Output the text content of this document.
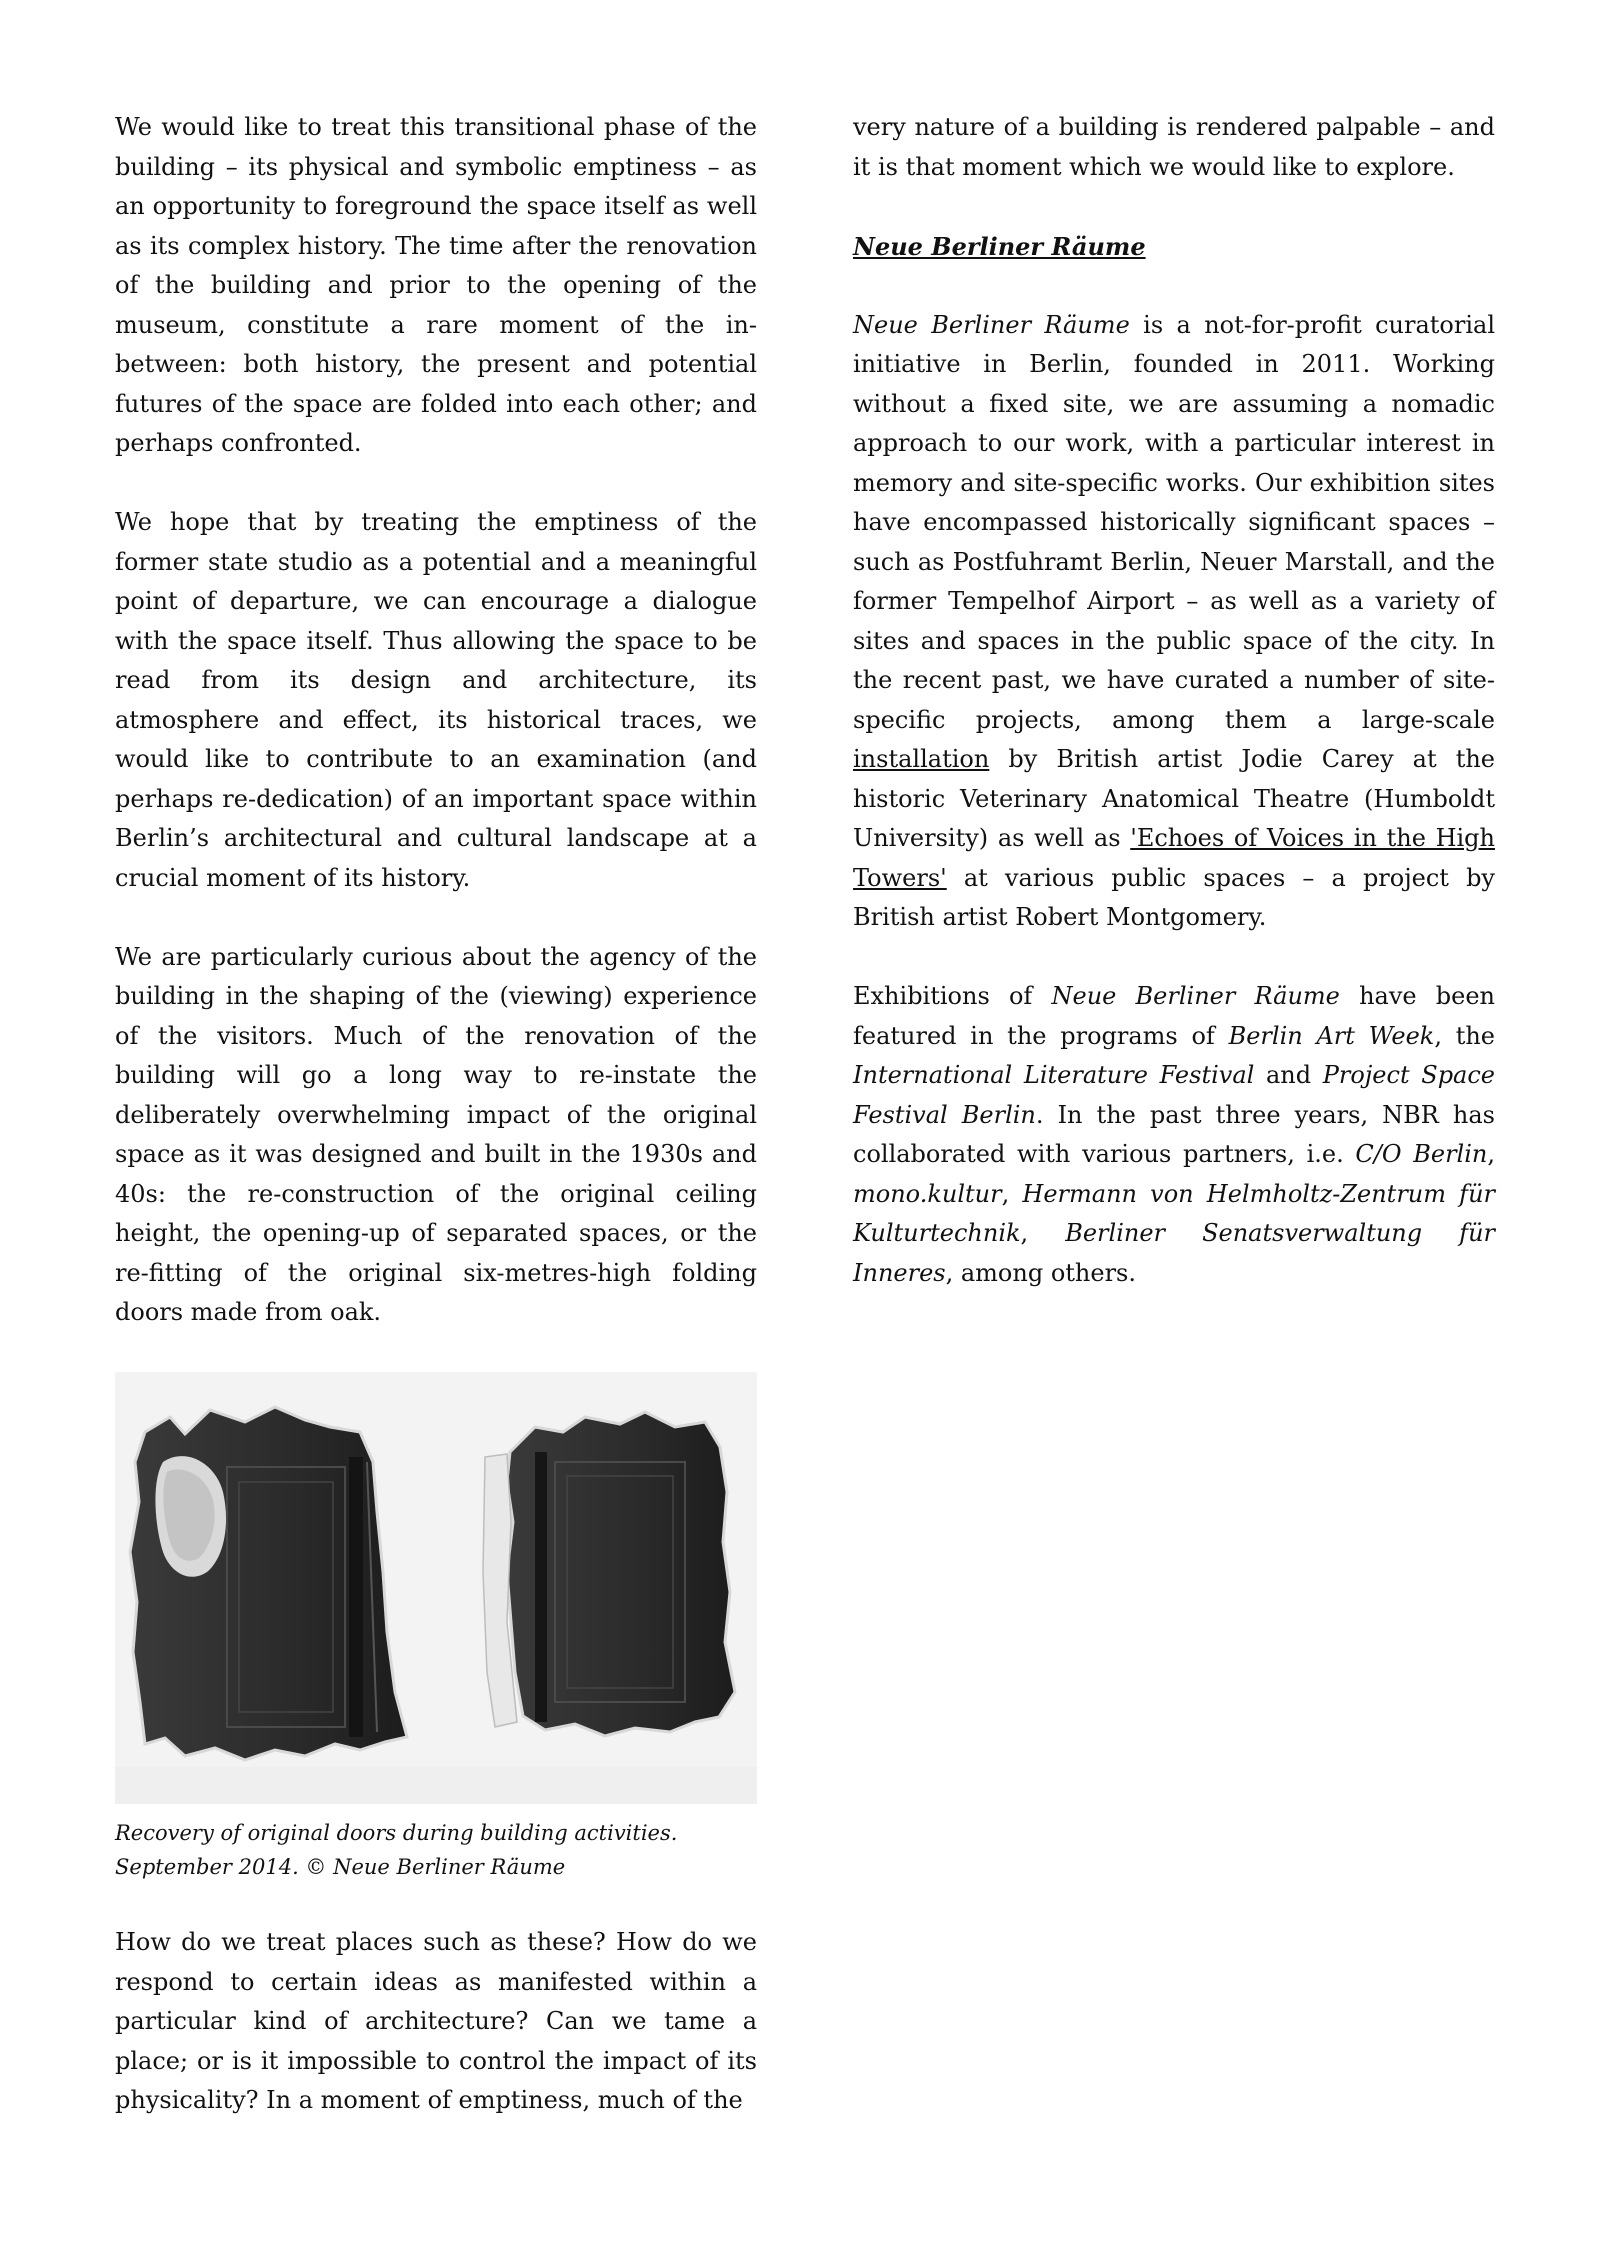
We would like to treat this transitional phase of the building – its physical and symbolic emptiness – as an opportunity to foreground the space itself as well as its complex history. The time after the renovation of the building and prior to the opening of the museum, constitute a rare moment of the in-between: both history, the present and potential futures of the space are folded into each other; and perhaps confronted.

We hope that by treating the emptiness of the former state studio as a potential and a meaningful point of departure, we can encourage a dialogue with the space itself. Thus allowing the space to be read from its design and architecture, its atmosphere and effect, its historical traces, we would like to contribute to an examination (and perhaps re-dedication) of an important space within Berlin’s architectural and cultural landscape at a crucial moment of its history.

We are particularly curious about the agency of the building in the shaping of the (viewing) experience of the visitors. Much of the renovation of the building will go a long way to re-instate the deliberately overwhelming impact of the original space as it was designed and built in the 1930s and 40s: the re-construction of the original ceiling height, the opening-up of separated spaces, or the re-fitting of the original six-metres-high folding doors made from oak.

Recovery of original doors during building activities.
September 2014. © Neue Berliner Räume

How do we treat places such as these? How do we respond to certain ideas as manifested within a particular kind of architecture? Can we tame a place; or is it impossible to control the impact of its physicality? In a moment of emptiness, much of the

very nature of a building is rendered palpable – and it is that moment which we would like to explore.

Neue Berliner Räume

Neue Berliner Räume is a not-for-profit curatorial initiative in Berlin, founded in 2011. Working without a fixed site, we are assuming a nomadic approach to our work, with a particular interest in memory and site-specific works. Our exhibition sites have encompassed historically significant spaces – such as Postfuhramt Berlin, Neuer Marstall, and the former Tempelhof Airport – as well as a variety of sites and spaces in the public space of the city. In the recent past, we have curated a number of site-specific projects, among them a large-scale installation by British artist Jodie Carey at the historic Veterinary Anatomical Theatre (Humboldt University) as well as 'Echoes of Voices in the High Towers' at various public spaces – a project by British artist Robert Montgomery.

Exhibitions of Neue Berliner Räume have been featured in the programs of Berlin Art Week, the International Literature Festival and Project Space Festival Berlin. In the past three years, NBR has collaborated with various partners, i.e. C/O Berlin, mono.kultur, Hermann von Helmholtz-Zentrum für Kulturtechnik, Berliner Senatsverwaltung für Inneres, among others.
